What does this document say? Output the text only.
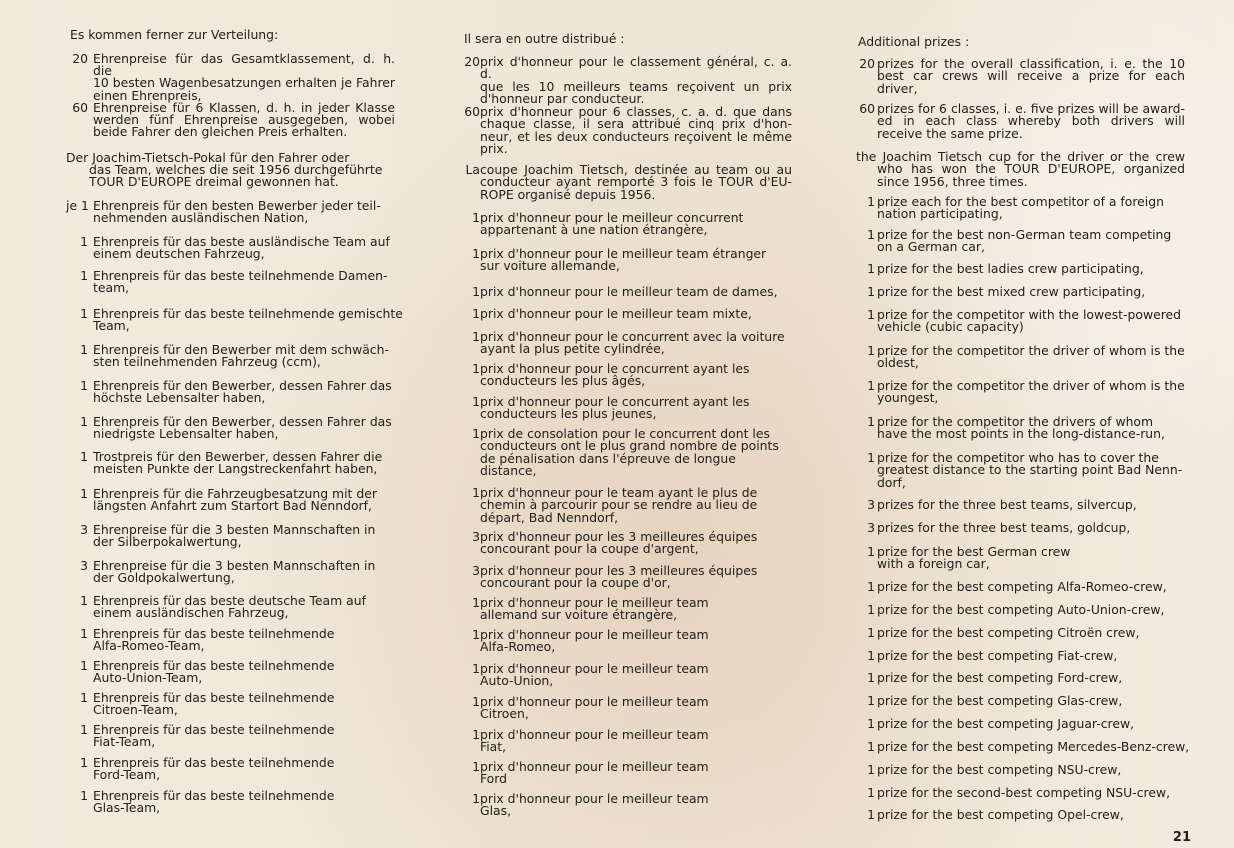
Es kommen ferner zur Verteilung:
20 Ehrenpreise für das Gesamtklassement, d. h. die
10 besten Wagenbesatzungen erhalten je Fahrer
einen Ehrenpreis,
60 Ehrenpreise für 6 Klassen, d. h. in jeder Klasse
werden fünf Ehrenpreise ausgegeben, wobei
beide Fahrer den gleichen Preis erhalten.
Der Joachim-Tietsch-Pokal für den Fahrer oder
das Team, welches die seit 1956 durchgeführte
TOUR D'EUROPE dreimal gewonnen hat.
je 1 Ehrenpreis für den besten Bewerber jeder teil-
nehmenden ausländischen Nation,
1 Ehrenpreis für das beste ausländische Team auf
einem deutschen Fahrzeug,
1 Ehrenpreis für das beste teilnehmende Damen-
team,
1 Ehrenpreis für das beste teilnehmende gemischte
Team,
1 Ehrenpreis für den Bewerber mit dem schwäch-
sten teilnehmenden Fahrzeug (ccm),
1 Ehrenpreis für den Bewerber, dessen Fahrer das
höchste Lebensalter haben,
1 Ehrenpreis für den Bewerber, dessen Fahrer das
niedrigste Lebensalter haben,
1 Trostpreis für den Bewerber, dessen Fahrer die
meisten Punkte der Langstreckenfahrt haben,
1 Ehrenpreis für die Fahrzeugbesatzung mit der
längsten Anfahrt zum Startort Bad Nenndorf,
3 Ehrenpreise für die 3 besten Mannschaften in
der Silberpokalwertung,
3 Ehrenpreise für die 3 besten Mannschaften in
der Goldpokalwertung,
1 Ehrenpreis für das beste deutsche Team auf
einem ausländischen Fahrzeug,
1 Ehrenpreis für das beste teilnehmende
Alfa-Romeo-Team,
1 Ehrenpreis für das beste teilnehmende
Auto-Union-Team,
1 Ehrenpreis für das beste teilnehmende
Citroen-Team,
1 Ehrenpreis für das beste teilnehmende
Fiat-Team,
1 Ehrenpreis für das beste teilnehmende
Ford-Team,
1 Ehrenpreis für das beste teilnehmende
Glas-Team,
Il sera en outre distribué :
20 prix d'honneur pour le classement général, c. a. d.
que les 10 meilleurs teams reçoivent un prix
d'honneur par conducteur.
60 prix d'honneur pour 6 classes, c. a. d. que dans
chaque classe, il sera attribué cinq prix d'hon-
neur, et les deux conducteurs reçoivent le même
prix.
La coupe Joachim Tietsch, destinée au team ou au
conducteur ayant remporté 3 fois le TOUR d'EU-
ROPE organisé depuis 1956.
1 prix d'honneur pour le meilleur concurrent
appartenant à une nation étrangère,
1 prix d'honneur pour le meilleur team étranger
sur voiture allemande,
1 prix d'honneur pour le meilleur team de dames,
1 prix d'honneur pour le meilleur team mixte,
1 prix d'honneur pour le concurrent avec la voiture
ayant la plus petite cylindrée,
1 prix d'honneur pour le concurrent ayant les
conducteurs les plus âgés,
1 prix d'honneur pour le concurrent ayant les
conducteurs les plus jeunes,
1 prix de consolation pour le concurrent dont les
conducteurs ont le plus grand nombre de points
de pénalisation dans l'épreuve de longue
distance,
1 prix d'honneur pour le team ayant le plus de
chemin à parcourir pour se rendre au lieu de
départ, Bad Nenndorf,
3 prix d'honneur pour les 3 meilleures équipes
concourant pour la coupe d'argent,
3 prix d'honneur pour les 3 meilleures équipes
concourant pour la coupe d'or,
1 prix d'honneur pour le meilleur team
allemand sur voiture étrangère,
1 prix d'honneur pour le meilleur team
Alfa-Romeo,
1 prix d'honneur pour le meilleur team
Auto-Union,
1 prix d'honneur pour le meilleur team
Citroen,
1 prix d'honneur pour le meilleur team
Fiat,
1 prix d'honneur pour le meilleur team
Ford
1 prix d'honneur pour le meilleur team
Glas,
Additional prizes :
20 prizes for the overall classification, i. e. the 10
best car crews will receive a prize for each
driver,
60 prizes for 6 classes, i. e. five prizes will be award-
ed in each class whereby both drivers will
receive the same prize.
the Joachim Tietsch cup for the driver or the crew
who has won the TOUR D'EUROPE, organized
since 1956, three times.
1 prize each for the best competitor of a foreign
nation participating,
1 prize for the best non-German team competing
on a German car,
1 prize for the best ladies crew participating,
1 prize for the best mixed crew participating,
1 prize for the competitor with the lowest-powered
vehicle (cubic capacity)
1 prize for the competitor the driver of whom is the
oldest,
1 prize for the competitor the driver of whom is the
youngest,
1 prize for the competitor the drivers of whom
have the most points in the long-distance-run,
1 prize for the competitor who has to cover the
greatest distance to the starting point Bad Nenn-
dorf,
3 prizes for the three best teams, silvercup,
3 prizes for the three best teams, goldcup,
1 prize for the best German crew
with a foreign car,
1 prize for the best competing Alfa-Romeo-crew,
1 prize for the best competing Auto-Union-crew,
1 prize for the best competing Citroën crew,
1 prize for the best competing Fiat-crew,
1 prize for the best competing Ford-crew,
1 prize for the best competing Glas-crew,
1 prize for the best competing Jaguar-crew,
1 prize for the best competing Mercedes-Benz-crew,
1 prize for the best competing NSU-crew,
1 prize for the second-best competing NSU-crew,
1 prize for the best competing Opel-crew,
21
